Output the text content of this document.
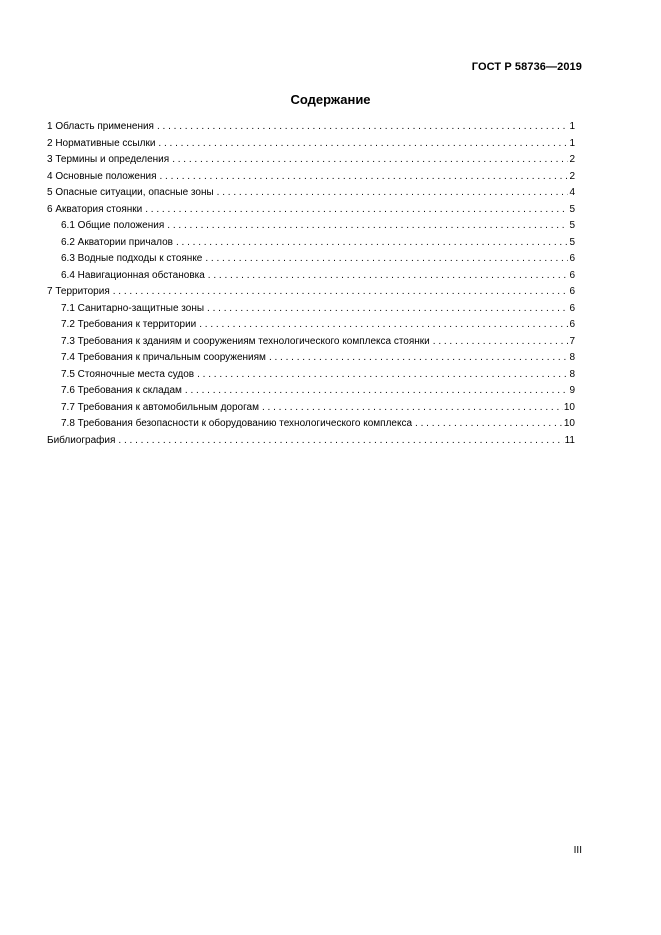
ГОСТ Р 58736—2019
Содержание
1 Область применения . . .	1
2 Нормативные ссылки . . .	1
3 Термины и определения . . .	2
4 Основные положения . . .	2
5 Опасные ситуации, опасные зоны . . .	4
6 Акватория стоянки . . .	5
6.1 Общие положения . . .	5
6.2 Акватории причалов . . .	5
6.3 Водные подходы к стоянке . . .	6
6.4 Навигационная обстановка . . .	6
7 Территория . . .	6
7.1 Санитарно-защитные зоны . . .	6
7.2 Требования к территории . . .	6
7.3 Требования к зданиям и сооружениям технологического комплекса стоянки . . .	7
7.4 Требования к причальным сооружениям . . .	8
7.5 Стояночные места судов . . .	8
7.6 Требования к складам . . .	9
7.7 Требования к автомобильным дорогам . . .	10
7.8 Требования безопасности к оборудованию технологического комплекса . . .	10
Библиография . . .	11
III
